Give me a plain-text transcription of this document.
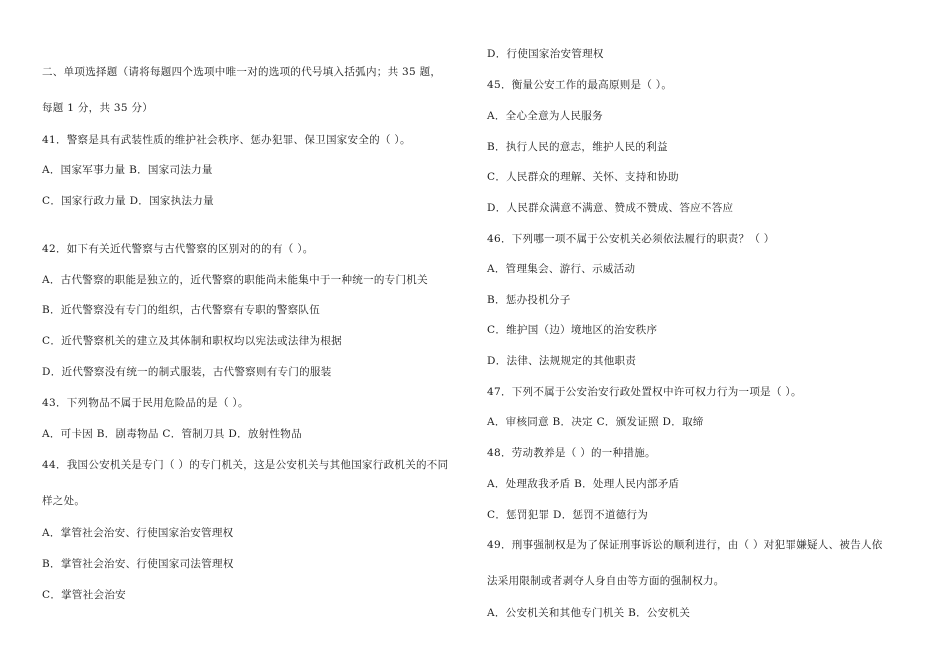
二、单项选择题（请将每题四个选项中唯一对的选项的代号填入括弧内；共 35 题，
每题 1 分，共 35 分）
41．警察是具有武装性质的维护社会秩序、惩办犯罪、保卫国家安全的（ ）。
A．国家军事力量 B．国家司法力量
C．国家行政力量 D．国家执法力量
42．如下有关近代警察与古代警察的区别对的的有（ ）。
A．古代警察的职能是独立的，近代警察的职能尚未能集中于一种统一的专门机关
B．近代警察没有专门的组织，古代警察有专职的警察队伍
C．近代警察机关的建立及其体制和职权均以宪法或法律为根据
D．近代警察没有统一的制式服装，古代警察则有专门的服装
43．下列物品不属于民用危险品的是（ ）。
A．可卡因 B．剧毒物品 C．管制刀具 D．放射性物品
44．我国公安机关是专门（ ）的专门机关，这是公安机关与其他国家行政机关的不同
样之处。
A．掌管社会治安、行使国家治安管理权
B．掌管社会治安、行使国家司法管理权
C．掌管社会治安
D．行使国家治安管理权
45．衡量公安工作的最高原则是（ ）。
A．全心全意为人民服务
B．执行人民的意志，维护人民的利益
C．人民群众的理解、关怀、支持和协助
D．人民群众满意不满意、赞成不赞成、答应不答应
46．下列哪一项不属于公安机关必须依法履行的职责？（ ）
A．管理集会、游行、示威活动
B．惩办投机分子
C．维护国（边）境地区的治安秩序
D．法律、法规规定的其他职责
47．下列不属于公安治安行政处置权中许可权力行为一项是（ ）。
A．审核同意 B．决定 C．颁发证照 D．取缔
48．劳动教养是（ ）的一种措施。
A．处理敌我矛盾 B．处理人民内部矛盾
C．惩罚犯罪 D．惩罚不道德行为
49．刑事强制权是为了保证刑事诉讼的顺利进行，由（ ）对犯罪嫌疑人、被告人依
法采用限制或者剥夺人身自由等方面的强制权力。
A．公安机关和其他专门机关 B．公安机关
